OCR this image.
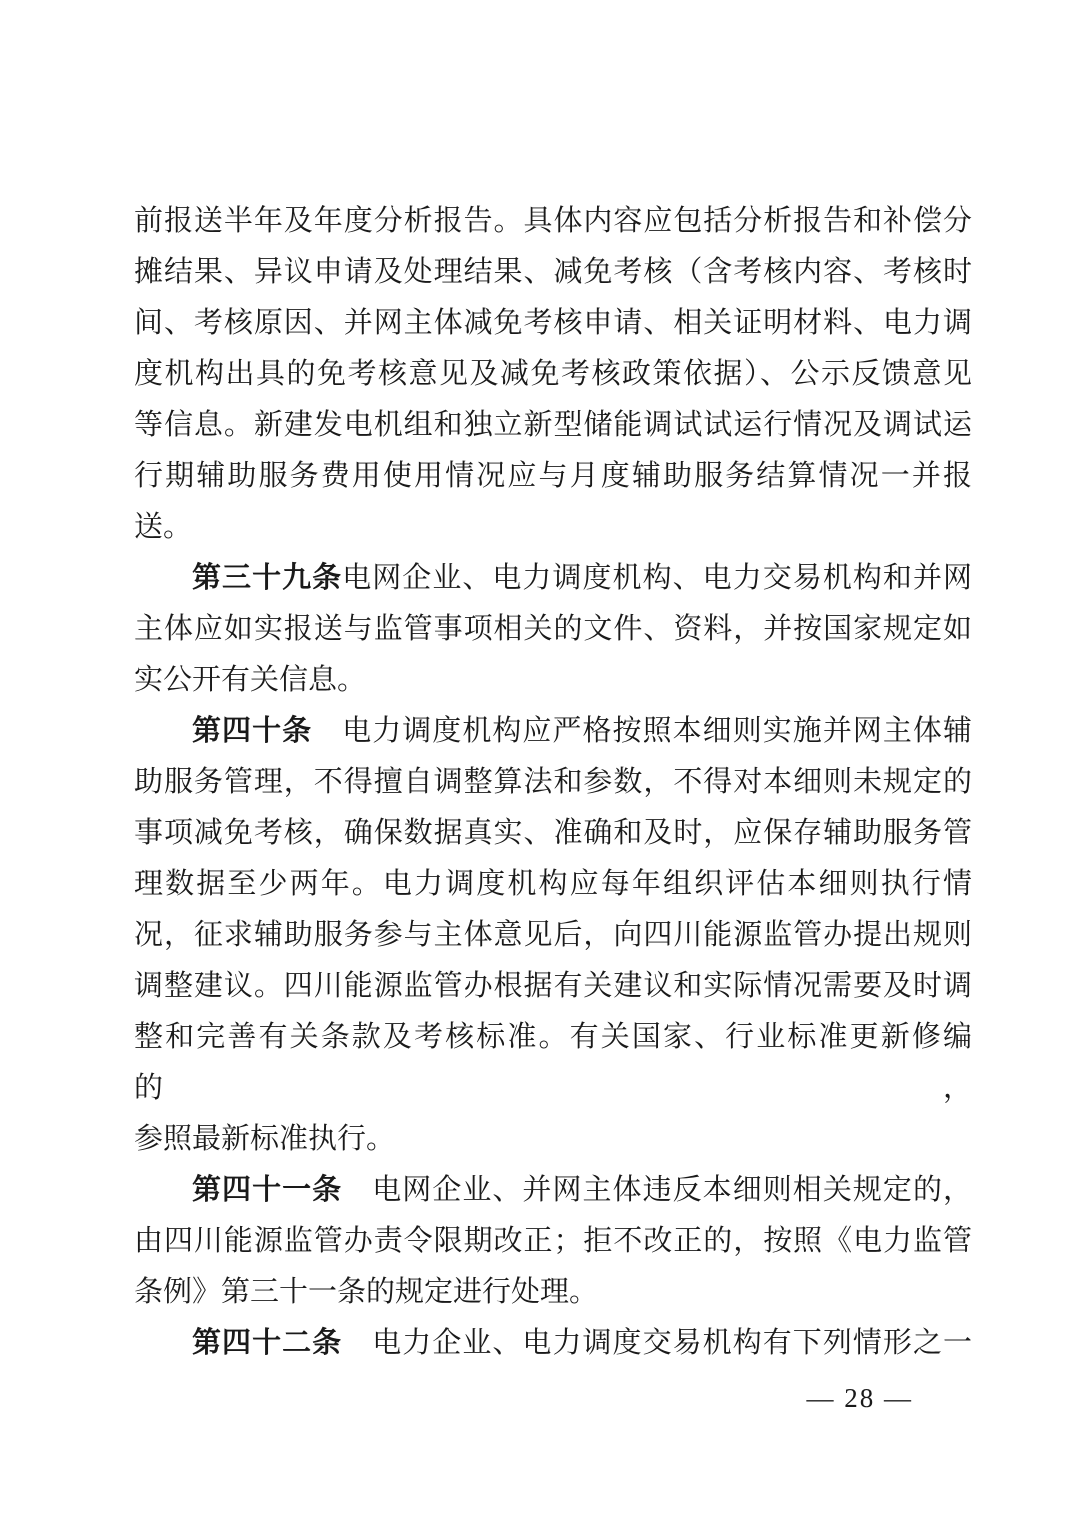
前报送半年及年度分析报告。具体内容应包括分析报告和补偿分
摊结果、异议申请及处理结果、减免考核（含考核内容、考核时
间、考核原因、并网主体减免考核申请、相关证明材料、电力调
度机构出具的免考核意见及减免考核政策依据）、公示反馈意见
等信息。新建发电机组和独立新型储能调试试运行情况及调试运
行期辅助服务费用使用情况应与月度辅助服务结算情况一并报
送。
第三十九条电网企业、电力调度机构、电力交易机构和并网
主体应如实报送与监管事项相关的文件、资料，并按国家规定如
实公开有关信息。
第四十条　电力调度机构应严格按照本细则实施并网主体辅
助服务管理，不得擅自调整算法和参数，不得对本细则未规定的
事项减免考核，确保数据真实、准确和及时，应保存辅助服务管
理数据至少两年。电力调度机构应每年组织评估本细则执行情
况，征求辅助服务参与主体意见后，向四川能源监管办提出规则
调整建议。四川能源监管办根据有关建议和实际情况需要及时调
整和完善有关条款及考核标准。有关国家、行业标准更新修编的，
参照最新标准执行。
第四十一条　电网企业、并网主体违反本细则相关规定的，
由四川能源监管办责令限期改正；拒不改正的，按照《电力监管
条例》第三十一条的规定进行处理。
第四十二条　电力企业、电力调度交易机构有下列情形之一
— 28 —
